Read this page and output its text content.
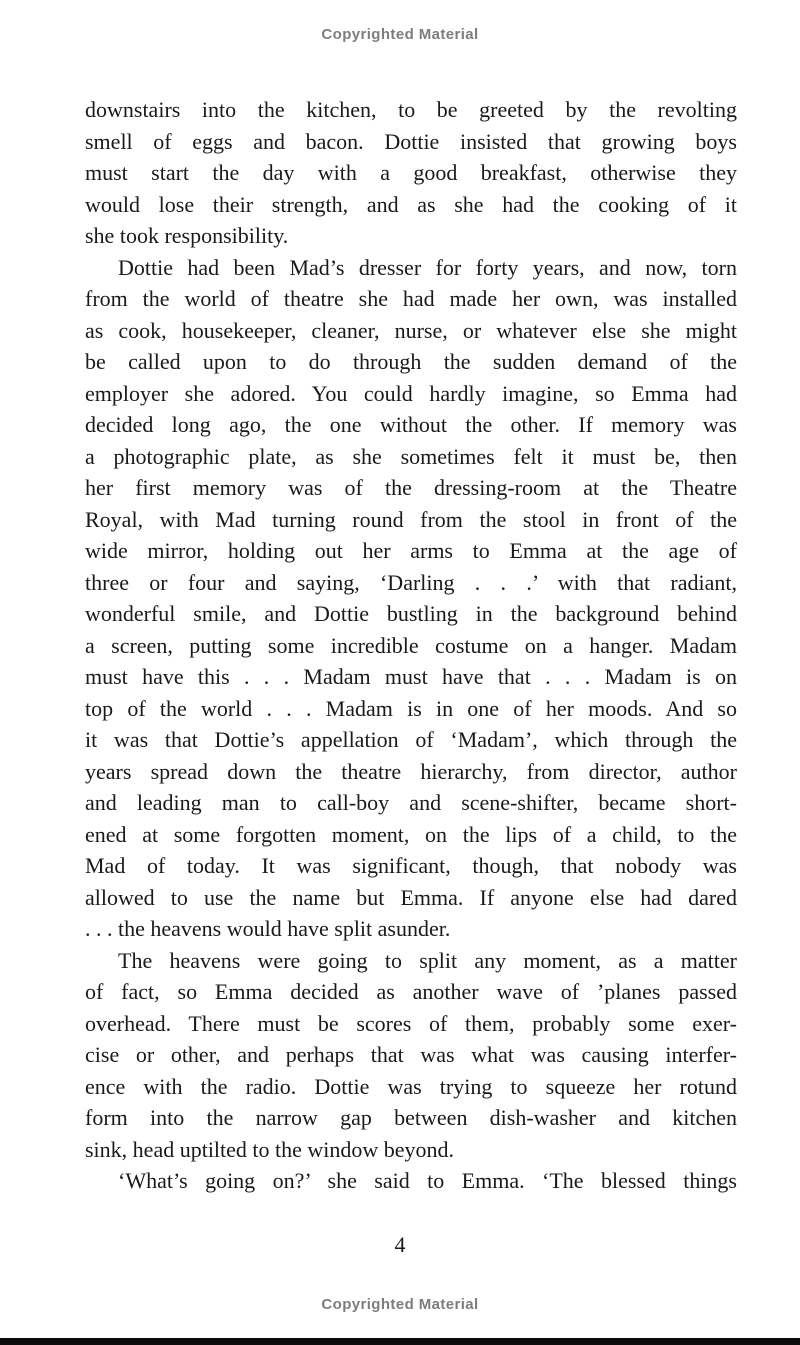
Copyrighted Material
downstairs into the kitchen, to be greeted by the revolting
smell of eggs and bacon. Dottie insisted that growing boys
must start the day with a good breakfast, otherwise they
would lose their strength, and as she had the cooking of it
she took responsibility.
Dottie had been Mad’s dresser for forty years, and now, torn
from the world of theatre she had made her own, was installed
as cook, housekeeper, cleaner, nurse, or whatever else she might
be called upon to do through the sudden demand of the
employer she adored. You could hardly imagine, so Emma had
decided long ago, the one without the other. If memory was
a photographic plate, as she sometimes felt it must be, then
her first memory was of the dressing-room at the Theatre
Royal, with Mad turning round from the stool in front of the
wide mirror, holding out her arms to Emma at the age of
three or four and saying, ‘Darling . . .’ with that radiant,
wonderful smile, and Dottie bustling in the background behind
a screen, putting some incredible costume on a hanger. Madam
must have this . . . Madam must have that . . . Madam is on
top of the world . . . Madam is in one of her moods. And so
it was that Dottie’s appellation of ‘Madam’, which through the
years spread down the theatre hierarchy, from director, author
and leading man to call-boy and scene-shifter, became short-
ened at some forgotten moment, on the lips of a child, to the
Mad of today. It was significant, though, that nobody was
allowed to use the name but Emma. If anyone else had dared
. . . the heavens would have split asunder.
The heavens were going to split any moment, as a matter
of fact, so Emma decided as another wave of ’planes passed
overhead. There must be scores of them, probably some exer-
cise or other, and perhaps that was what was causing interfer-
ence with the radio. Dottie was trying to squeeze her rotund
form into the narrow gap between dish-washer and kitchen
sink, head uptilted to the window beyond.
‘What’s going on?’ she said to Emma. ‘The blessed things
4
Copyrighted Material
